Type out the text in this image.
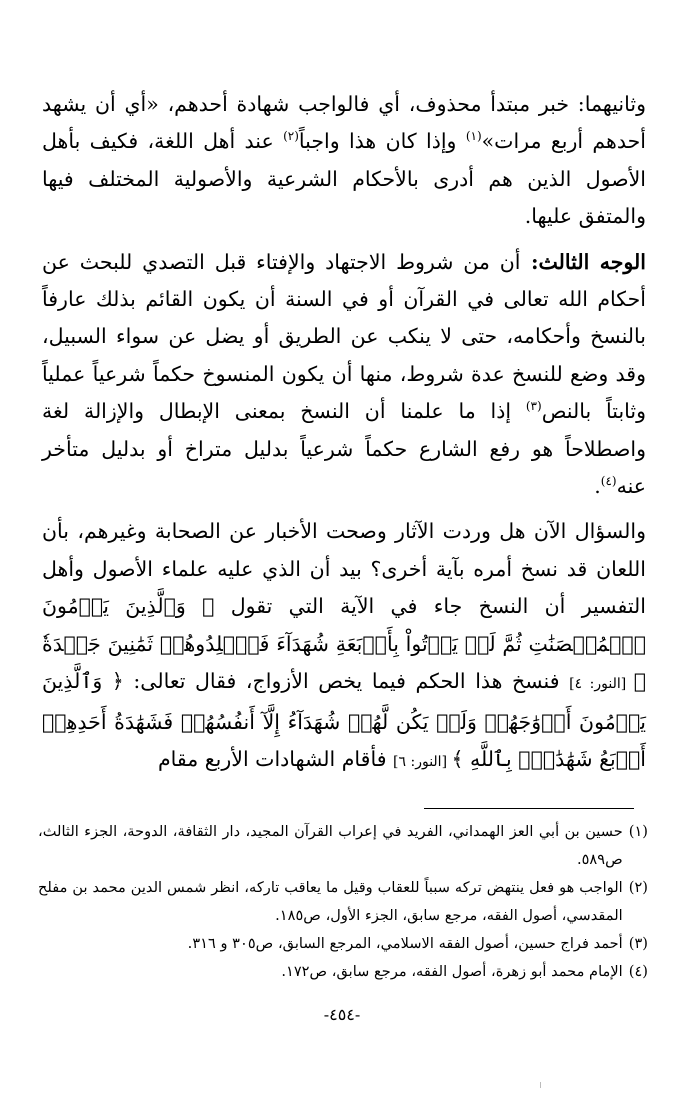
وثانيهما: خبر مبتدأ محذوف، أي فالواجب شهادة أحدهم، «أي أن يشهد أحدهم أربع مرات»$^{(١)}$ وإذا كان هذا واجباً$^{(٢)}$ عند أهل اللغة، فكيف بأهل الأصول الذين هم أدرى بالأحكام الشرعية والأصولية المختلف فيها والمتفق عليها.

الوجه الثالث: أن من شروط الاجتهاد والإفتاء قبل التصدي للبحث عن أحكام الله تعالى في القرآن أو في السنة أن يكون القائم بذلك عارفاً بالنسخ وأحكامه، حتى لا ينكب عن الطريق أو يضل عن سواء السبيل، وقد وضع للنسخ عدة شروط، منها أن يكون المنسوخ حكماً شرعياً عملياً وثابتاً بالنص$^{(٣)}$ إذا ما علمنا أن النسخ بمعنى الإبطال والإزالة لغة واصطلاحاً هو رفع الشارع حكماً شرعياً بدليل متراخ أو بدليل متأخر عنه$^{(٤)}$.

والسؤال الآن هل وردت الآثار وصحت الأخبار عن الصحابة وغيرهم، بأن اللعان قد نسخ أمره بآية أخرى؟ بيد أن الذي عليه علماء الأصول وأهل التفسير أن النسخ جاء في الآية التي تقول ﴿ وَٱلَّذِينَ يَرۡمُونَ ٱلۡمُحۡصَنَٰتِ ثُمَّ لَمۡ يَأۡتُواْ بِأَرۡبَعَةِ شُهَدَآءَ فَٱجۡلِدُوهُمۡ ثَمَٰنِينَ جَلۡدَةٗ ﴾ [النور: ٤] فنسخ هذا الحكم فيما يخص الأزواج، فقال تعالى: ﴿ وَٱلَّذِينَ يَرۡمُونَ أَزۡوَٰجَهُمۡ وَلَمۡ يَكُن لَّهُمۡ شُهَدَآءُ إِلَّآ أَنفُسُهُمۡ فَشَهَٰدَةُ أَحَدِهِمۡ أَرۡبَعُ شَهَٰدَٰتِۭ بِٱللَّهِ ﴾ [النور: ٦] فأقام الشهادات الأربع مقام

(١)
حسين بن أبي العز الهمداني، الفريد في إعراب القرآن المجيد، دار الثقافة، الدوحة، الجزء الثالث، ص٥٨٩.
(٢)
الواجب هو فعل ينتهض تركه سبباً للعقاب وقيل ما يعاقب تاركه، انظر شمس الدين محمد بن مفلح المقدسي، أصول الفقه، مرجع سابق، الجزء الأول، ص١٨٥.
(٣)
أحمد فراج حسين، أصول الفقه الاسلامي، المرجع السابق، ص٣٠٥ و ٣١٦.
(٤)
الإمام محمد أبو زهرة، أصول الفقه، مرجع سابق، ص١٧٢.
-٤٥٤-
